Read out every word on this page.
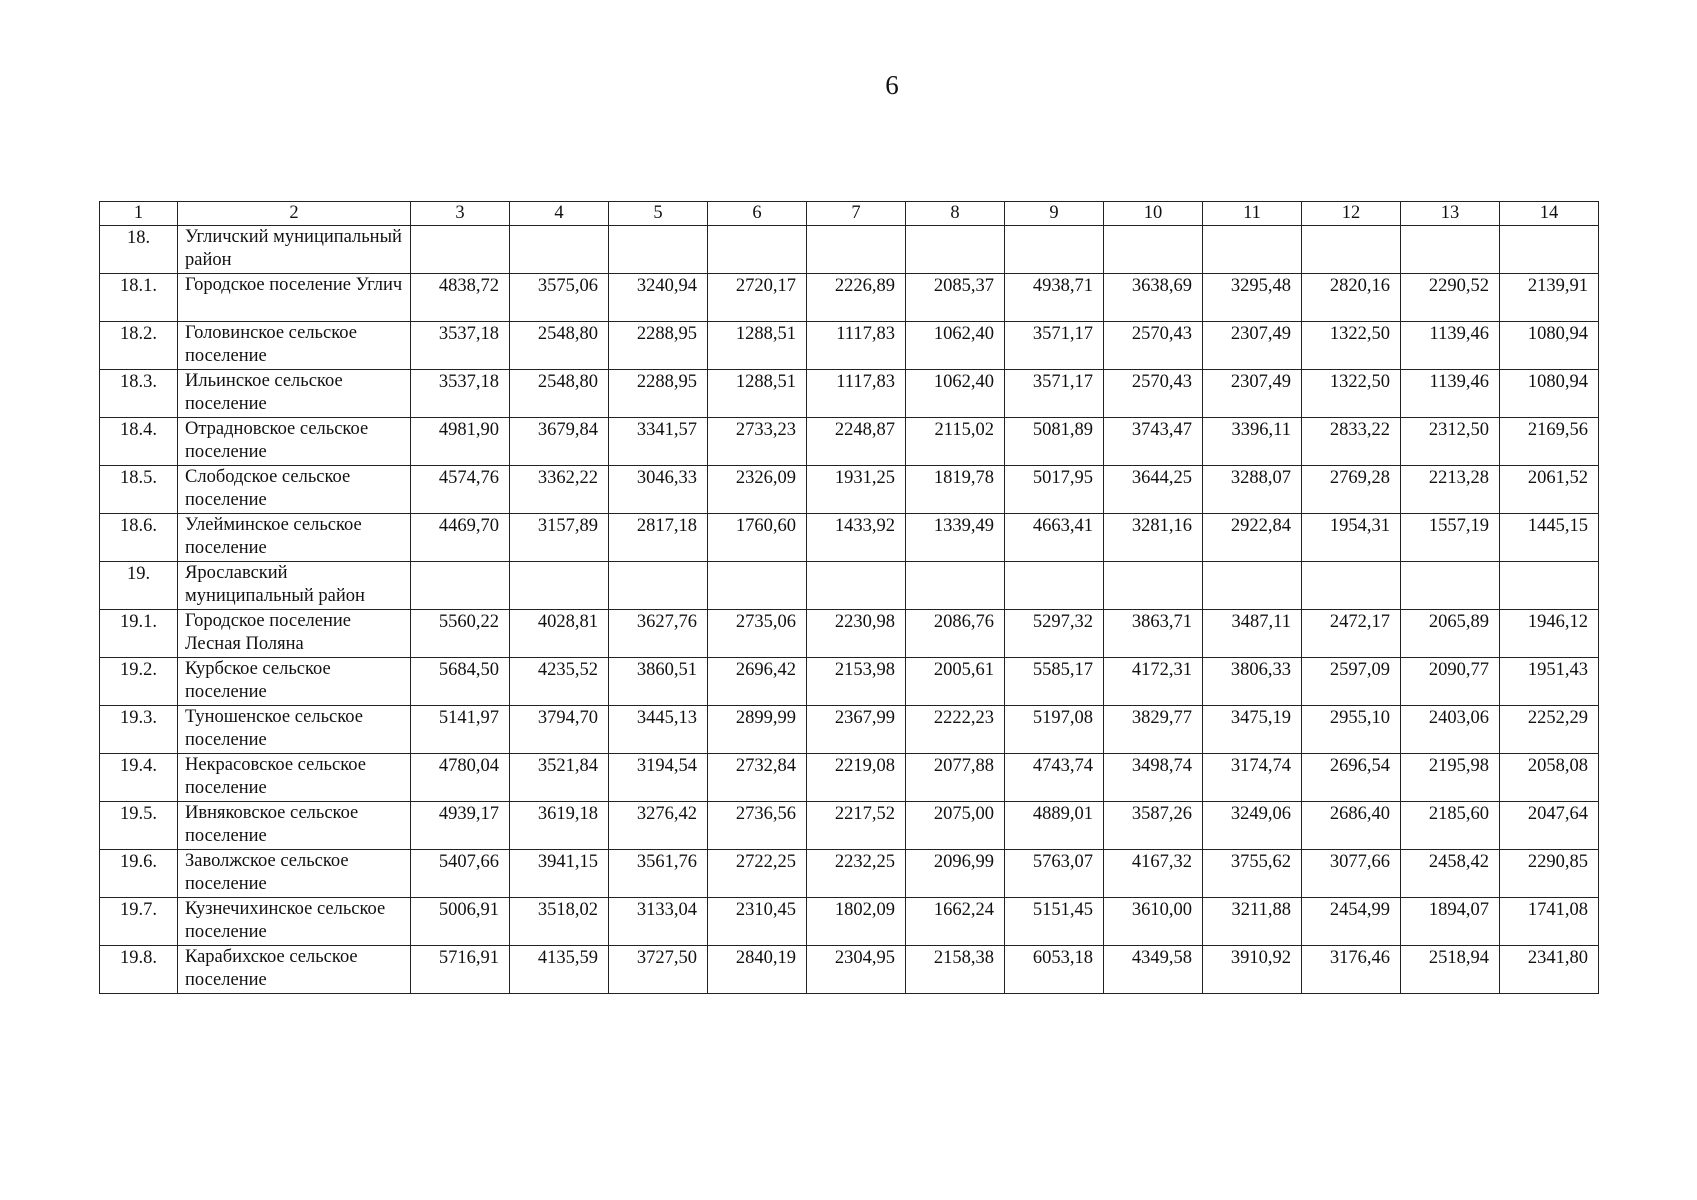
6
1	2	3	4	5	6	7	8	9	10	11	12	13	14
18.	Угличский муниципальный район												
18.1.	Городское поселение Углич	4838,72	3575,06	3240,94	2720,17	2226,89	2085,37	4938,71	3638,69	3295,48	2820,16	2290,52	2139,91
18.2.	Головинское сельское поселение	3537,18	2548,80	2288,95	1288,51	1117,83	1062,40	3571,17	2570,43	2307,49	1322,50	1139,46	1080,94
18.3.	Ильинское сельское поселение	3537,18	2548,80	2288,95	1288,51	1117,83	1062,40	3571,17	2570,43	2307,49	1322,50	1139,46	1080,94
18.4.	Отрадновское сельское поселение	4981,90	3679,84	3341,57	2733,23	2248,87	2115,02	5081,89	3743,47	3396,11	2833,22	2312,50	2169,56
18.5.	Слободское сельское поселение	4574,76	3362,22	3046,33	2326,09	1931,25	1819,78	5017,95	3644,25	3288,07	2769,28	2213,28	2061,52
18.6.	Улейминское сельское поселение	4469,70	3157,89	2817,18	1760,60	1433,92	1339,49	4663,41	3281,16	2922,84	1954,31	1557,19	1445,15
19.	Ярославский муниципальный район												
19.1.	Городское поселение Лесная Поляна	5560,22	4028,81	3627,76	2735,06	2230,98	2086,76	5297,32	3863,71	3487,11	2472,17	2065,89	1946,12
19.2.	Курбское сельское поселение	5684,50	4235,52	3860,51	2696,42	2153,98	2005,61	5585,17	4172,31	3806,33	2597,09	2090,77	1951,43
19.3.	Туношенское сельское поселение	5141,97	3794,70	3445,13	2899,99	2367,99	2222,23	5197,08	3829,77	3475,19	2955,10	2403,06	2252,29
19.4.	Некрасовское сельское поселение	4780,04	3521,84	3194,54	2732,84	2219,08	2077,88	4743,74	3498,74	3174,74	2696,54	2195,98	2058,08
19.5.	Ивняковское сельское поселение	4939,17	3619,18	3276,42	2736,56	2217,52	2075,00	4889,01	3587,26	3249,06	2686,40	2185,60	2047,64
19.6.	Заволжское сельское поселение	5407,66	3941,15	3561,76	2722,25	2232,25	2096,99	5763,07	4167,32	3755,62	3077,66	2458,42	2290,85
19.7.	Кузнечихинское сельское поселение	5006,91	3518,02	3133,04	2310,45	1802,09	1662,24	5151,45	3610,00	3211,88	2454,99	1894,07	1741,08
19.8.	Карабихское сельское поселение	5716,91	4135,59	3727,50	2840,19	2304,95	2158,38	6053,18	4349,58	3910,92	3176,46	2518,94	2341,80
